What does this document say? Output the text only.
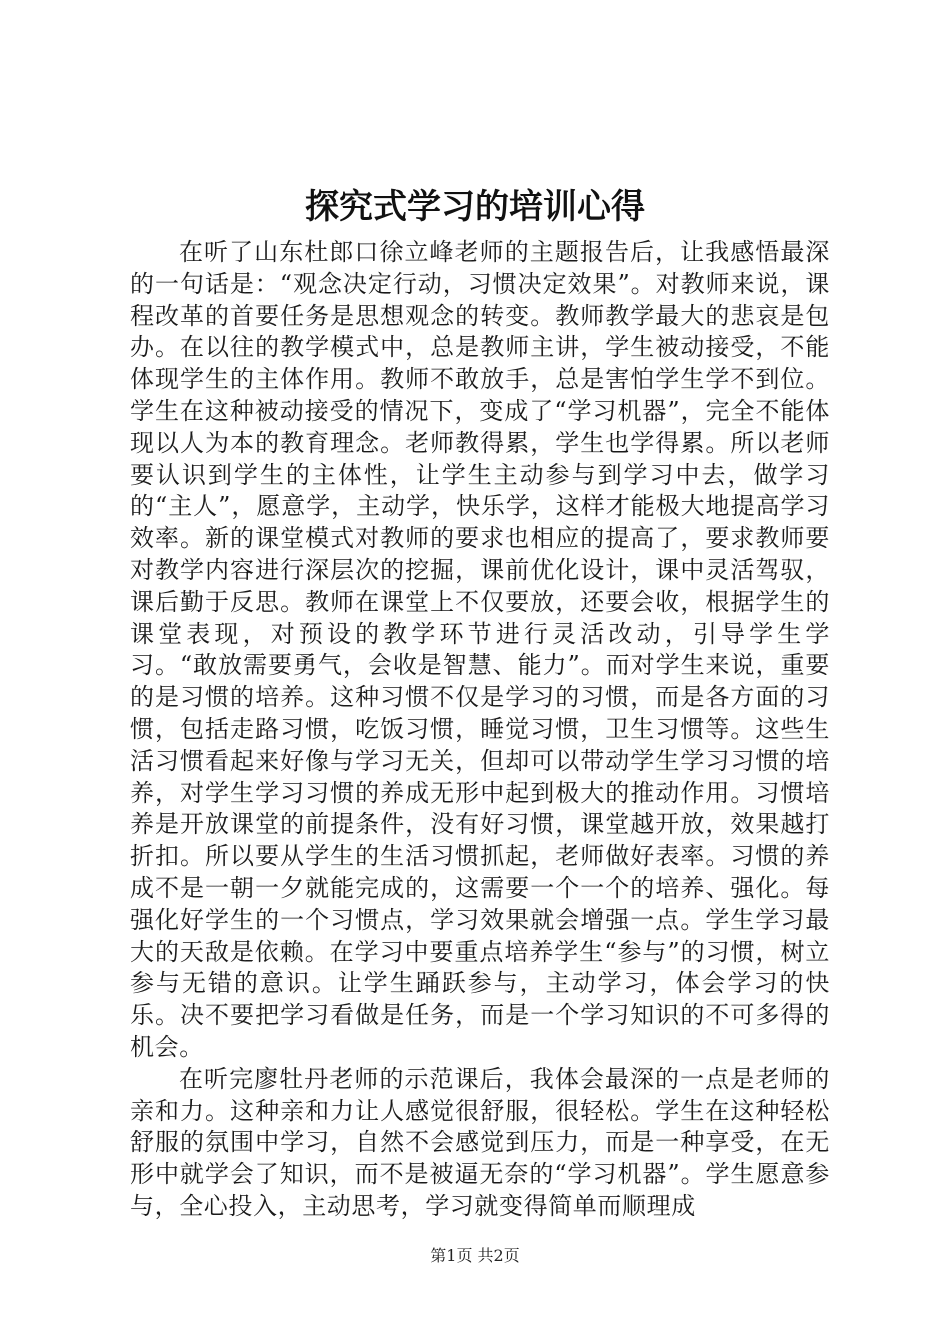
探究式学习的培训心得

在听了山东杜郎口徐立峰老师的主题报告后，让我感悟最深的一句话是：“观念决定行动，习惯决定效果”。对教师来说，课程改革的首要任务是思想观念的转变。教师教学最大的悲哀是包办。在以往的教学模式中，总是教师主讲，学生被动接受，不能体现学生的主体作用。教师不敢放手，总是害怕学生学不到位。学生在这种被动接受的情况下，变成了“学习机器”，完全不能体现以人为本的教育理念。老师教得累，学生也学得累。所以老师要认识到学生的主体性，让学生主动参与到学习中去，做学习的“主人”，愿意学，主动学，快乐学，这样才能极大地提高学习效率。新的课堂模式对教师的要求也相应的提高了，要求教师要对教学内容进行深层次的挖掘，课前优化设计，课中灵活驾驭，课后勤于反思。教师在课堂上不仅要放，还要会收，根据学生的课堂表现，对预设的教学环节进行灵活改动，引导学生学习。“敢放需要勇气，会收是智慧、能力”。而对学生来说，重要的是习惯的培养。这种习惯不仅是学习的习惯，而是各方面的习惯，包括走路习惯，吃饭习惯，睡觉习惯，卫生习惯等。这些生活习惯看起来好像与学习无关，但却可以带动学生学习习惯的培养，对学生学习习惯的养成无形中起到极大的推动作用。习惯培养是开放课堂的前提条件，没有好习惯，课堂越开放，效果越打折扣。所以要从学生的生活习惯抓起，老师做好表率。习惯的养成不是一朝一夕就能完成的，这需要一个一个的培养、强化。每强化好学生的一个习惯点，学习效果就会增强一点。学生学习最大的天敌是依赖。在学习中要重点培养学生“参与”的习惯，树立参与无错的意识。让学生踊跃参与，主动学习，体会学习的快乐。决不要把学习看做是任务，而是一个学习知识的不可多得的机会。

在听完廖牡丹老师的示范课后，我体会最深的一点是老师的亲和力。这种亲和力让人感觉很舒服，很轻松。学生在这种轻松舒服的氛围中学习，自然不会感觉到压力，而是一种享受，在无形中就学会了知识，而不是被逼无奈的“学习机器”。学生愿意参与，全心投入，主动思考，学习就变得简单而顺理成

第1页 共2页
